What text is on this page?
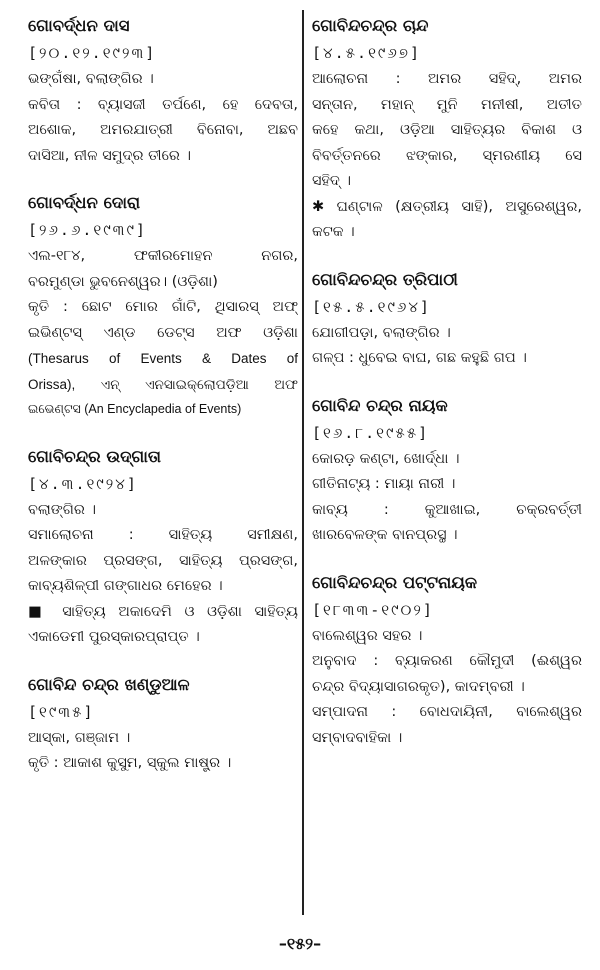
ଗୋବର୍ଦ୍ଧନ ଦାସ
[୨୦.୧୨.୧୯୨୩]
ଭଙ୍ଗଁଷା, ବଲାଙ୍ଗିର ।
କବିତା : ବ୍ୟାସଜୀ ତର୍ପଣେ, ହେ ଦେବତା,
ଅଶୋକ, ଅମରଯାତ୍ରୀ ବିନୋବା, ଅଛବ
ଦାସିଆ, ନୀଳ ସମୁଦ୍ର ତୀରେ ।
ଗୋବର୍ଦ୍ଧନ ଦୋରା
[୨୬.୬.୧୯୩୯]
ଏଲ-୧୮୪, ଫକୀରମୋହନ ନଗର,
ବରମୁଣ୍ଡା ଭୁବନେଶ୍ୱର। (ଓଡ଼ିଶା)
କୃତି : ଛୋଟ ମୋର ଗାଁଟି, ଥିସାରସ୍ ଅଫ୍
ଇଭିଣ୍ଟସ୍ ଏଣ୍ଡ ଡେଟ୍ସ ଅଫ ଓଡ଼ିଶା
(Thesarus of Events & Dates of
Orissa), ଏନ୍ ଏନସାଇକ୍ଲୋପଡ଼ିଆ ଅଫ
ଇଭେଣ୍ଟସ (An Encyclapedia of Events)
ଗୋବିଚନ୍ଦ୍ର ଉଦ୍‌ଗାତା
[୪.୩.୧୯୨୪]
ବଲାଙ୍ଗିର ।
ସମାଲୋଚନା : ସାହିତ୍ୟ ସମୀକ୍ଷଣ,
ଅଳଙ୍କାର ପ୍ରସଙ୍ଗ, ସାହିତ୍ୟ ପ୍ରସଙ୍ଗ,
କାବ୍ୟଶିଳ୍ପୀ ଗଙ୍ଗାଧର ମେହେର ।
■ ସାହିତ୍ୟ ଅକାଦେମି ଓ ଓଡ଼ିଶା ସାହିତ୍ୟ
ଏକାଡେମୀ ପୁରସ୍କାରପ୍ରାପ୍ତ ।
ଗୋବିନ୍ଦ ଚନ୍ଦ୍ର ଖଣ୍ଡୁଆଳ
[୧୯୩୫]
ଆସ୍କା, ଗଞ୍ଜାମ ।
କୃତି : ଆକାଶ କୁସୁମ, ସ୍କୁଲ ମାଷ୍ଟ୍ର ।
ଗୋବିନ୍ଦଚନ୍ଦ୍ର ଚାନ୍ଦ
[୪.୫.୧୯୬୭]
ଆଲୋଚନା : ଅମର ସହିଦ୍, ଅମର
ସନ୍ତାନ, ମହାନ୍ ମୁନି ମନୀଷୀ, ଅତୀତ
କହେ କଥା, ଓଡ଼ିଆ ସାହିତ୍ୟର ବିକାଶ ଓ
ବିବର୍ତ୍ତନରେ ଝଙ୍କାର, ସ୍ମରଣୀୟ ସେ
ସହିଦ୍ ।
✱ ଘଣ୍ଟାଳ (କ୍ଷତ୍ରୀୟ ସାହି), ଅସୁରେଶ୍ୱର,
କଟକ ।
ଗୋବିନ୍ଦଚନ୍ଦ୍ର ତ୍ରିପାଠୀ
[୧୫.୫.୧୯୬୪]
ଯୋଗୀପଡ଼ା, ବଲାଙ୍ଗିର ।
ଗଳ୍ପ : ଧୁବେଇ ବାଘ, ଗଛ କହୁଛି ଗପ ।
ଗୋବିନ୍ଦ ଚନ୍ଦ୍ର ନାୟକ
[୧୬.୮.୧୯୫୫]
କୋରଡ଼ କଣ୍ଟା, ଖୋର୍ଦ୍ଧା ।
ଗୀତିନାଟ୍ୟ : ମାୟା ନାରୀ ।
କାବ୍ୟ : କୁଆଖାଇ, ଚକ୍ରବର୍ତ୍ତୀ
ଖାରବେଳଙ୍କ ବାନପ୍ରସ୍ଥ ।
ଗୋବିନ୍ଦଚନ୍ଦ୍ର ପଟ୍ଟନାୟକ
[୧୮୩୩-୧୯୦୨]
ବାଲେଶ୍ୱର ସହର ।
ଅନୁବାଦ : ବ୍ୟାକରଣ କୌମୁଦୀ (ଈଶ୍ୱର
ଚନ୍ଦ୍ର ବିଦ୍ୟାସାଗରକୃତ), କାଦମ୍ବରୀ ।
ସମ୍ପାଦନା : ବୋଧଦାୟିନୀ, ବାଲେଶ୍ୱର
ସମ୍ବାଦବାହିକା ।
–୧୫୨–
